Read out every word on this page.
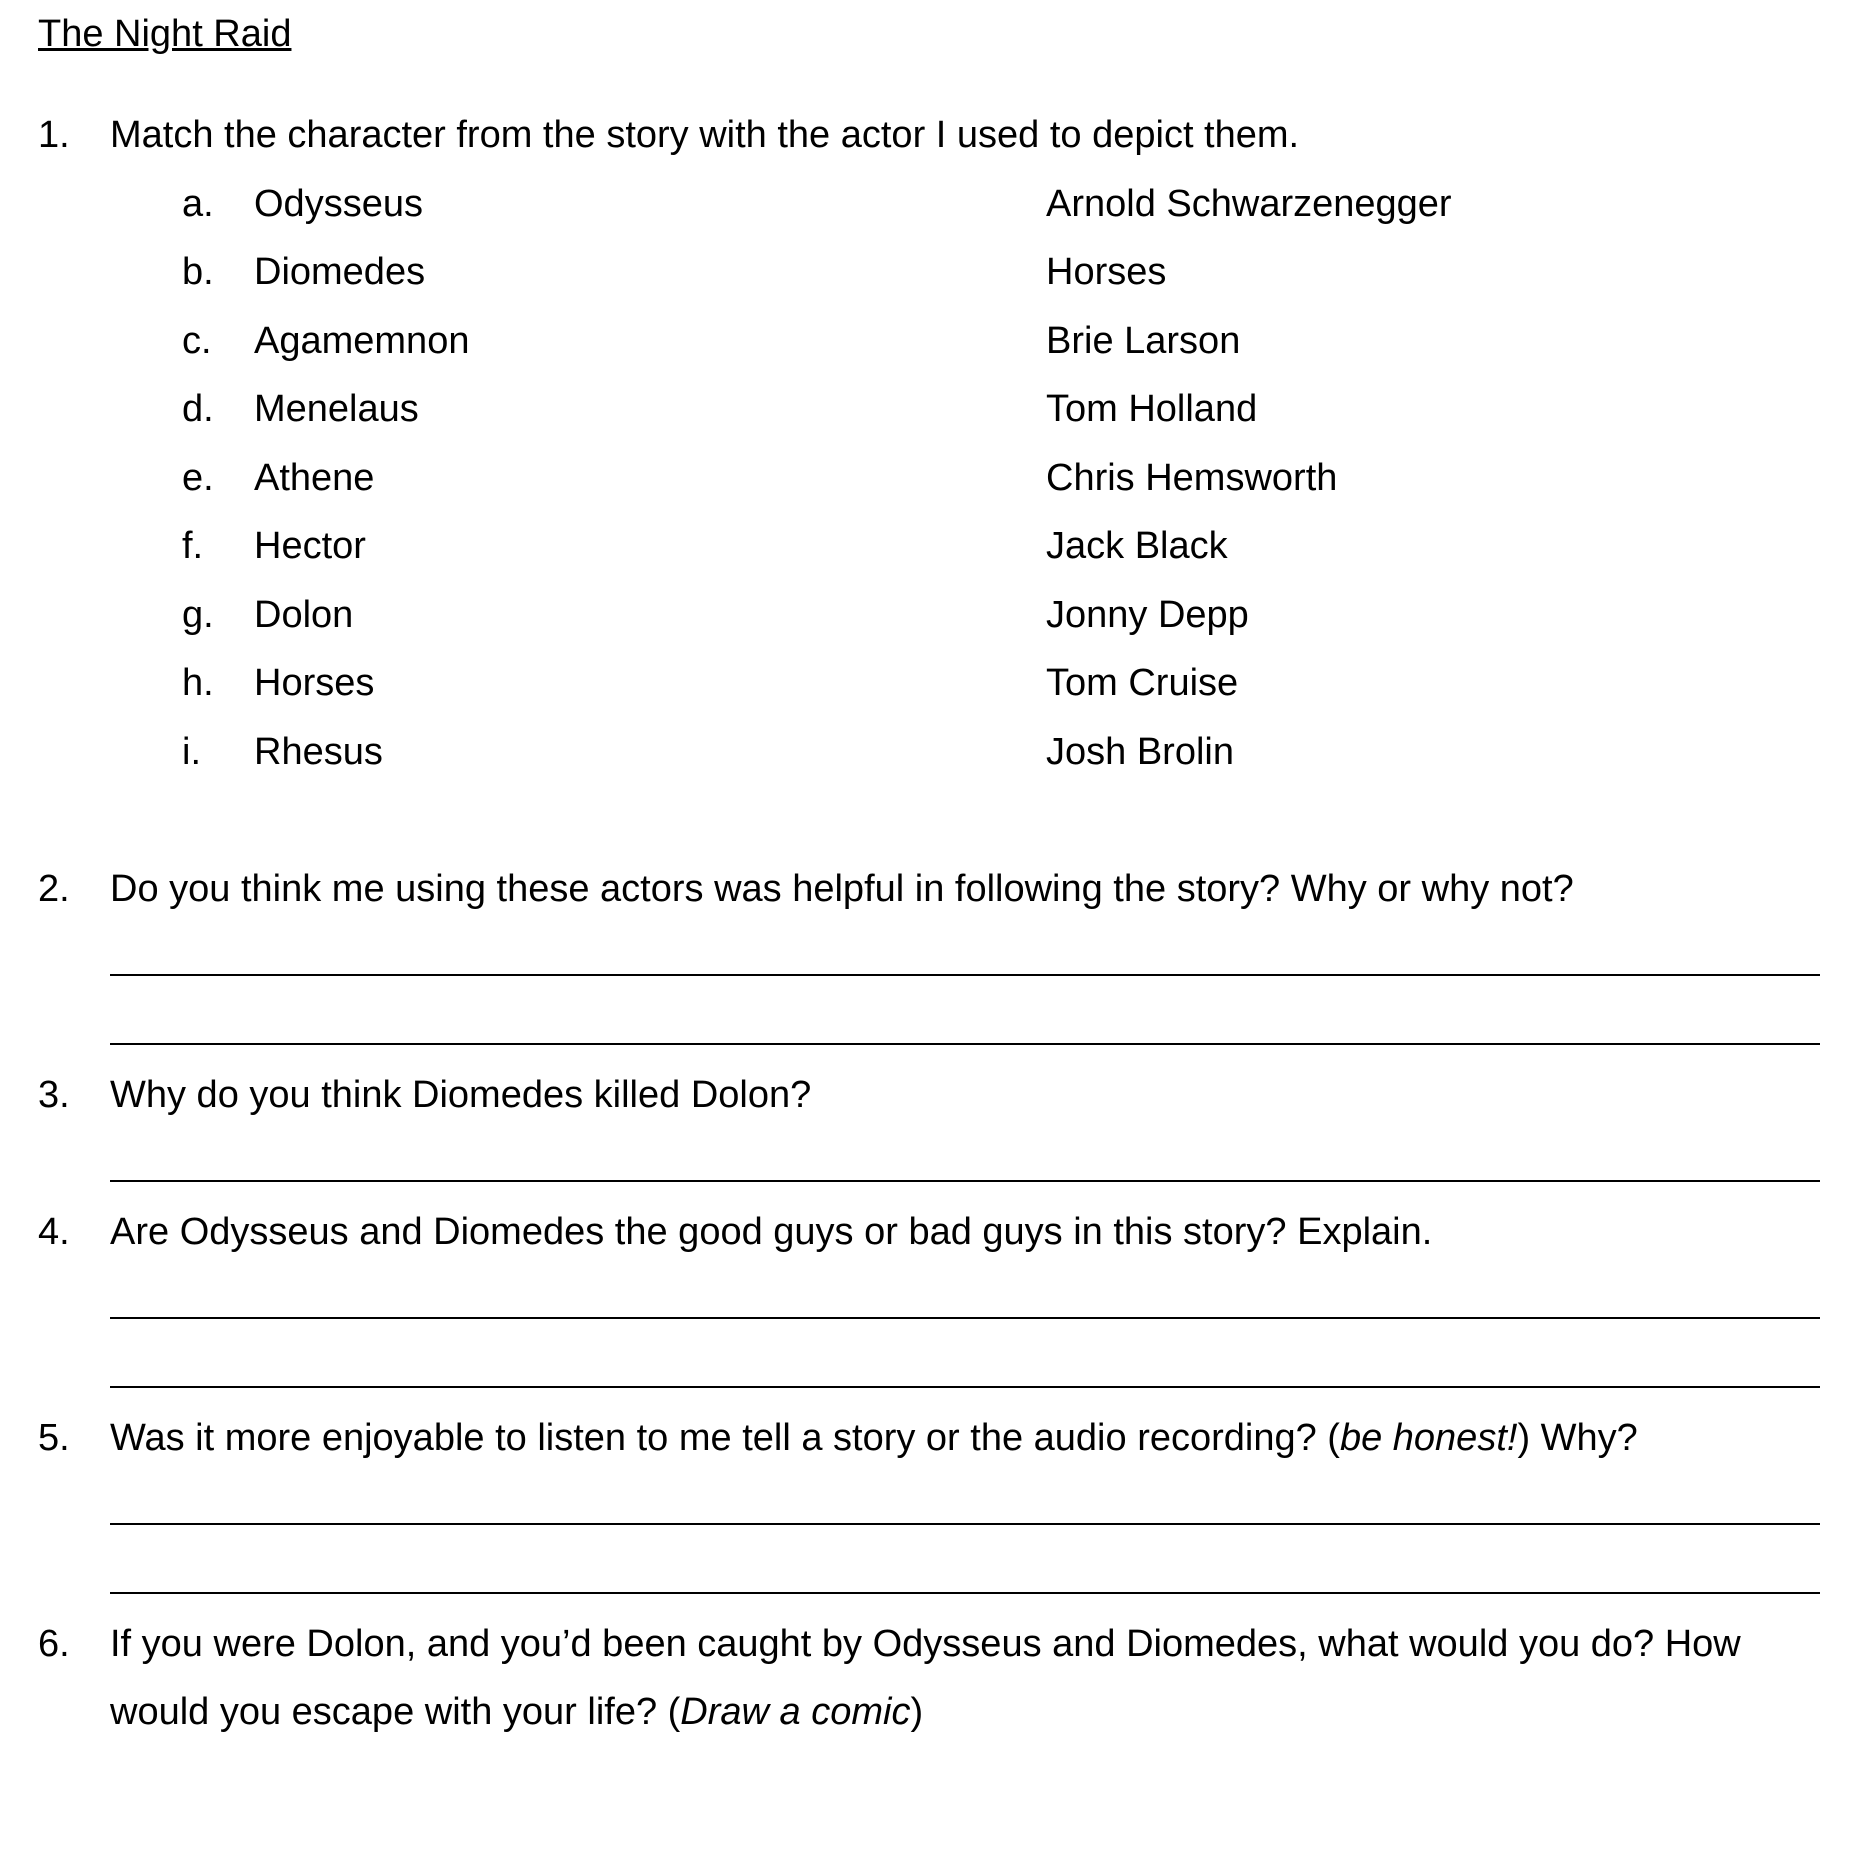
The Night Raid
1. Match the character from the story with the actor I used to depict them.
a. Odysseus	Arnold Schwarzenegger
b. Diomedes	Horses
c. Agamemnon	Brie Larson
d. Menelaus	Tom Holland
e. Athene	Chris Hemsworth
f. Hector	Jack Black
g. Dolon	Jonny Depp
h. Horses	Tom Cruise
i. Rhesus	Josh Brolin
2. Do you think me using these actors was helpful in following the story? Why or why not?
3. Why do you think Diomedes killed Dolon?
4. Are Odysseus and Diomedes the good guys or bad guys in this story? Explain.
5. Was it more enjoyable to listen to me tell a story or the audio recording? (be honest!) Why?
6. If you were Dolon, and you’d been caught by Odysseus and Diomedes, what would you do? How
would you escape with your life? (Draw a comic)
